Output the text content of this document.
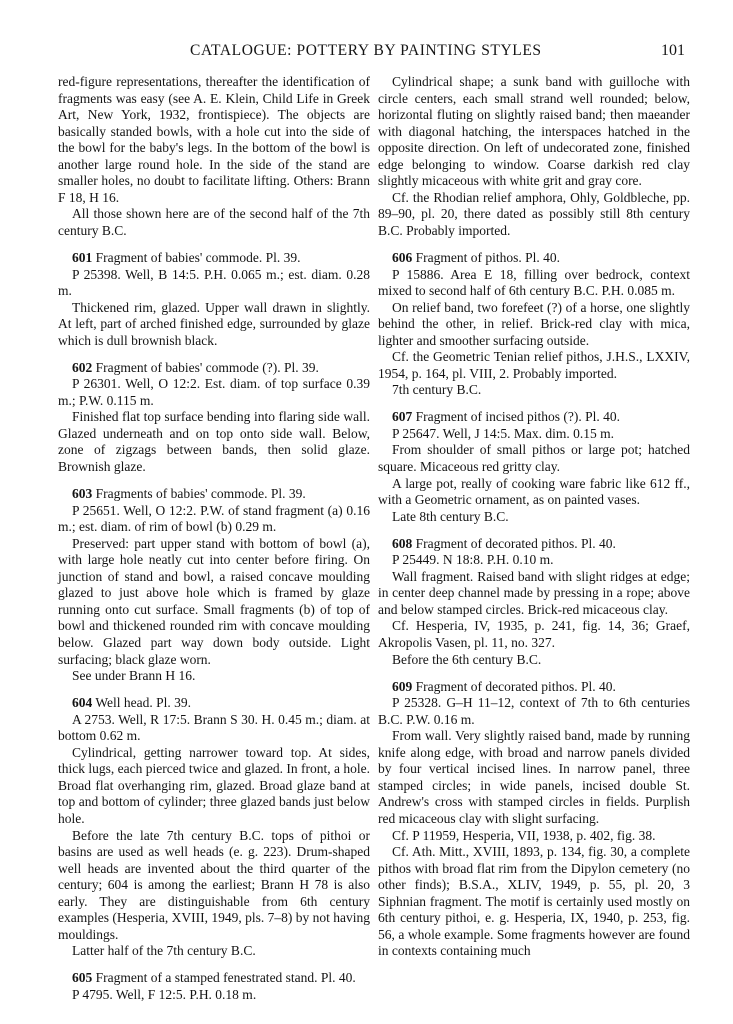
CATALOGUE: POTTERY BY PAINTING STYLES	101

red-figure representations, thereafter the identification of fragments was easy (see A. E. Klein, Child Life in Greek Art, New York, 1932, frontispiece). The objects are basically standed bowls, with a hole cut into the side of the bowl for the baby's legs. In the bottom of the bowl is another large round hole. In the side of the stand are smaller holes, no doubt to facilitate lifting. Others: Brann F 18, H 16.

All those shown here are of the second half of the 7th century B.C.

601 Fragment of babies' commode. Pl. 39.

P 25398. Well, B 14:5. P.H. 0.065 m.; est. diam. 0.28 m.

Thickened rim, glazed. Upper wall drawn in slightly. At left, part of arched finished edge, surrounded by glaze which is dull brownish black.

602 Fragment of babies' commode (?). Pl. 39.

P 26301. Well, O 12:2. Est. diam. of top surface 0.39 m.; P.W. 0.115 m.

Finished flat top surface bending into flaring side wall. Glazed underneath and on top onto side wall. Below, zone of zigzags between bands, then solid glaze. Brownish glaze.

603 Fragments of babies' commode. Pl. 39.

P 25651. Well, O 12:2. P.W. of stand fragment (a) 0.16 m.; est. diam. of rim of bowl (b) 0.29 m.

Preserved: part upper stand with bottom of bowl (a), with large hole neatly cut into center before firing. On junction of stand and bowl, a raised concave moulding glazed to just above hole which is framed by glaze running onto cut surface. Small fragments (b) of top of bowl and thickened rounded rim with concave moulding below. Glazed part way down body outside. Light surfacing; black glaze worn.

See under Brann H 16.

604 Well head. Pl. 39.

A 2753. Well, R 17:5. Brann S 30. H. 0.45 m.; diam. at bottom 0.62 m.

Cylindrical, getting narrower toward top. At sides, thick lugs, each pierced twice and glazed. In front, a hole. Broad flat overhanging rim, glazed. Broad glaze band at top and bottom of cylinder; three glazed bands just below hole.

Before the late 7th century B.C. tops of pithoi or basins are used as well heads (e. g. 223). Drum-shaped well heads are invented about the third quarter of the century; 604 is among the earliest; Brann H 78 is also early. They are distinguishable from 6th century examples (Hesperia, XVIII, 1949, pls. 7–8) by not having mouldings.

Latter half of the 7th century B.C.

605 Fragment of a stamped fenestrated stand. Pl. 40.

P 4795. Well, F 12:5. P.H. 0.18 m.

Cylindrical shape; a sunk band with guilloche with circle centers, each small strand well rounded; below, horizontal fluting on slightly raised band; then maeander with diagonal hatching, the interspaces hatched in the opposite direction. On left of undecorated zone, finished edge belonging to window. Coarse darkish red clay slightly micaceous with white grit and gray core.

Cf. the Rhodian relief amphora, Ohly, Goldbleche, pp. 89–90, pl. 20, there dated as possibly still 8th century B.C. Probably imported.

606 Fragment of pithos. Pl. 40.

P 15886. Area E 18, filling over bedrock, context mixed to second half of 6th century B.C. P.H. 0.085 m.

On relief band, two forefeet (?) of a horse, one slightly behind the other, in relief. Brick-red clay with mica, lighter and smoother surfacing outside.

Cf. the Geometric Tenian relief pithos, J.H.S., LXXIV, 1954, p. 164, pl. VIII, 2. Probably imported.

7th century B.C.

607 Fragment of incised pithos (?). Pl. 40.

P 25647. Well, J 14:5. Max. dim. 0.15 m.

From shoulder of small pithos or large pot; hatched square. Micaceous red gritty clay.

A large pot, really of cooking ware fabric like 612 ff., with a Geometric ornament, as on painted vases.

Late 8th century B.C.

608 Fragment of decorated pithos. Pl. 40.

P 25449. N 18:8. P.H. 0.10 m.

Wall fragment. Raised band with slight ridges at edge; in center deep channel made by pressing in a rope; above and below stamped circles. Brick-red micaceous clay.

Cf. Hesperia, IV, 1935, p. 241, fig. 14, 36; Graef, Akropolis Vasen, pl. 11, no. 327.

Before the 6th century B.C.

609 Fragment of decorated pithos. Pl. 40.

P 25328. G–H 11–12, context of 7th to 6th centuries B.C. P.W. 0.16 m.

From wall. Very slightly raised band, made by running knife along edge, with broad and narrow panels divided by four vertical incised lines. In narrow panel, three stamped circles; in wide panels, incised double St. Andrew's cross with stamped circles in fields. Purplish red micaceous clay with slight surfacing.

Cf. P 11959, Hesperia, VII, 1938, p. 402, fig. 38.

Cf. Ath. Mitt., XVIII, 1893, p. 134, fig. 30, a complete pithos with broad flat rim from the Dipylon cemetery (no other finds); B.S.A., XLIV, 1949, p. 55, pl. 20, 3 Siphnian fragment. The motif is certainly used mostly on 6th century pithoi, e. g. Hesperia, IX, 1940, p. 253, fig. 56, a whole example. Some fragments however are found in contexts containing much
